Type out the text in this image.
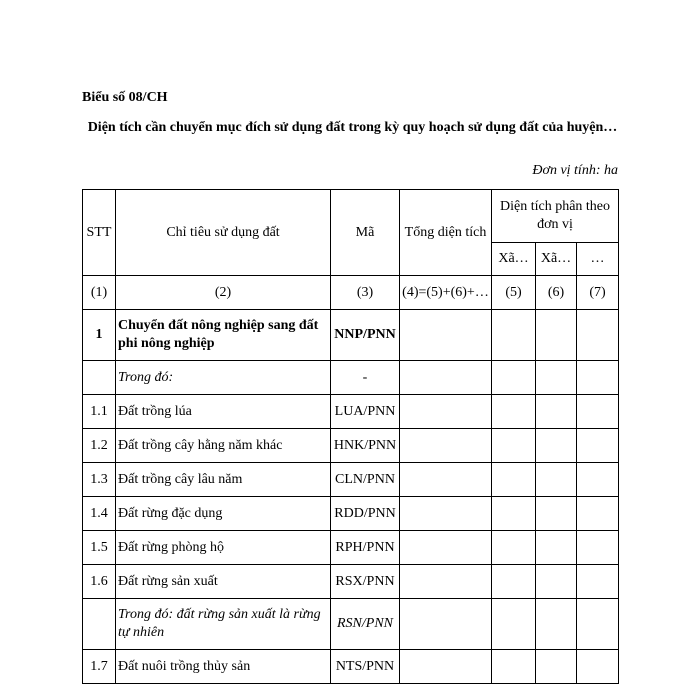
Biểu số 08/CH
Diện tích cần chuyển mục đích sử dụng đất trong kỳ quy hoạch sử dụng đất của huyện…
Đơn vị tính: ha
STT	Chỉ tiêu sử dụng đất	Mã	Tổng diện tích	Diện tích phân theo đơn vị		
				Xã…	Xã…	…
(1)	(2)	(3)	(4)=(5)+(6)+…	(5)	(6)	(7)
1	Chuyển đất nông nghiệp sang đất phi nông nghiệp	NNP/PNN				
	Trong đó:	-				
1.1	Đất trồng lúa	LUA/PNN				
1.2	Đất trồng cây hằng năm khác	HNK/PNN				
1.3	Đất trồng cây lâu năm	CLN/PNN				
1.4	Đất rừng đặc dụng	RDD/PNN				
1.5	Đất rừng phòng hộ	RPH/PNN				
1.6	Đất rừng sản xuất	RSX/PNN				
	Trong đó: đất rừng sản xuất là rừng tự nhiên	RSN/PNN				
1.7	Đất nuôi trồng thủy sản	NTS/PNN				
